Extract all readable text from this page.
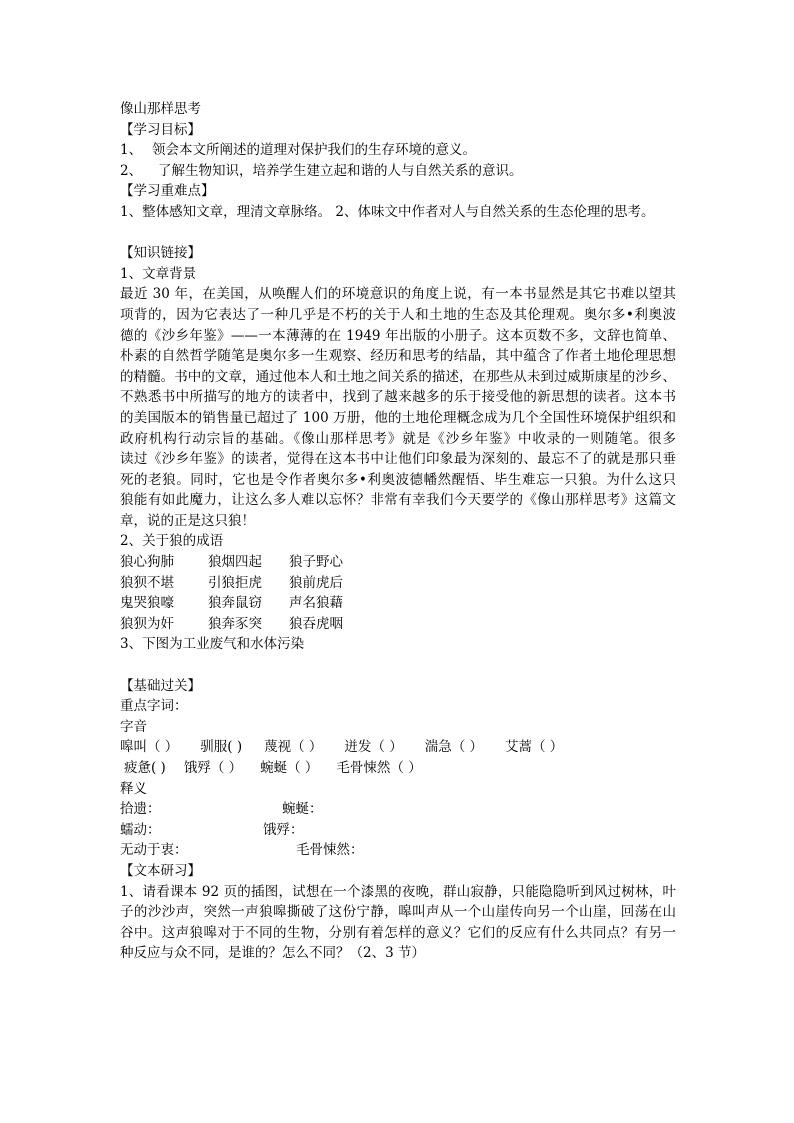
像山那样思考
【学习目标】
1、 领会本文所阐述的道理对保护我们的生存环境的意义。
2、 了解生物知识，培养学生建立起和谐的人与自然关系的意识。
【学习重难点】
1、整体感知文章，理清文章脉络。 2、体味文中作者对人与自然关系的生态伦理的思考。
【知识链接】
1、文章背景
最近 30 年，在美国，从唤醒人们的环境意识的角度上说，有一本书显然是其它书难以望其
项背的，因为它表达了一种几乎是不朽的关于人和土地的生态及其伦理观。奥尔多•利奥波
德的《沙乡年鉴》——一本薄薄的在 1949 年出版的小册子。这本页数不多，文辞也简单、
朴素的自然哲学随笔是奥尔多一生观察、经历和思考的结晶，其中蕴含了作者土地伦理思想
的精髓。书中的文章，通过他本人和土地之间关系的描述，在那些从未到过威斯康星的沙乡、
不熟悉书中所描写的地方的读者中，找到了越来越多的乐于接受他的新思想的读者。这本书
的美国版本的销售量已超过了 100 万册，他的土地伦理概念成为几个全国性环境保护组织和
政府机构行动宗旨的基础。《像山那样思考》就是《沙乡年鉴》中收录的一则随笔。很多
读过《沙乡年鉴》的读者，觉得在这本书中让他们印象最为深刻的、最忘不了的就是那只垂
死的老狼。同时，它也是令作者奥尔多•利奥波德幡然醒悟、毕生难忘一只狼。为什么这只
狼能有如此魔力，让这么多人难以忘怀？非常有幸我们今天要学的《像山那样思考》这篇文
章，说的正是这只狼！
2、关于狼的成语
狼心狗肺	狼烟四起 狼子野心
狼狈不堪	引狼拒虎 狼前虎后
鬼哭狼嚎	狼奔鼠窃 声名狼藉
狼狈为奸	狼奔豕突 狼吞虎咽
3、下图为工业废气和水体污染
【基础过关】
重点字词：
字音
嗥叫（ ） 驯服( ) 蔑视（ ） 迸发（ ） 湍急（ ） 艾蒿（ ）
疲惫( ) 饿殍（ ） 蜿蜒（ ） 毛骨悚然（ ）
释义
拾遗：	蜿蜒：
蠕动：	饿殍：
无动于衷：	毛骨悚然：
【文本研习】
1、请看课本 92 页的插图，试想在一个漆黑的夜晚，群山寂静，只能隐隐听到风过树林，叶
子的沙沙声，突然一声狼嗥撕破了这份宁静，嗥叫声从一个山崖传向另一个山崖，回荡在山
谷中。这声狼嗥对于不同的生物，分别有着怎样的意义？它们的反应有什么共同点？有另一
种反应与众不同，是谁的？怎么不同？（2、3 节）
